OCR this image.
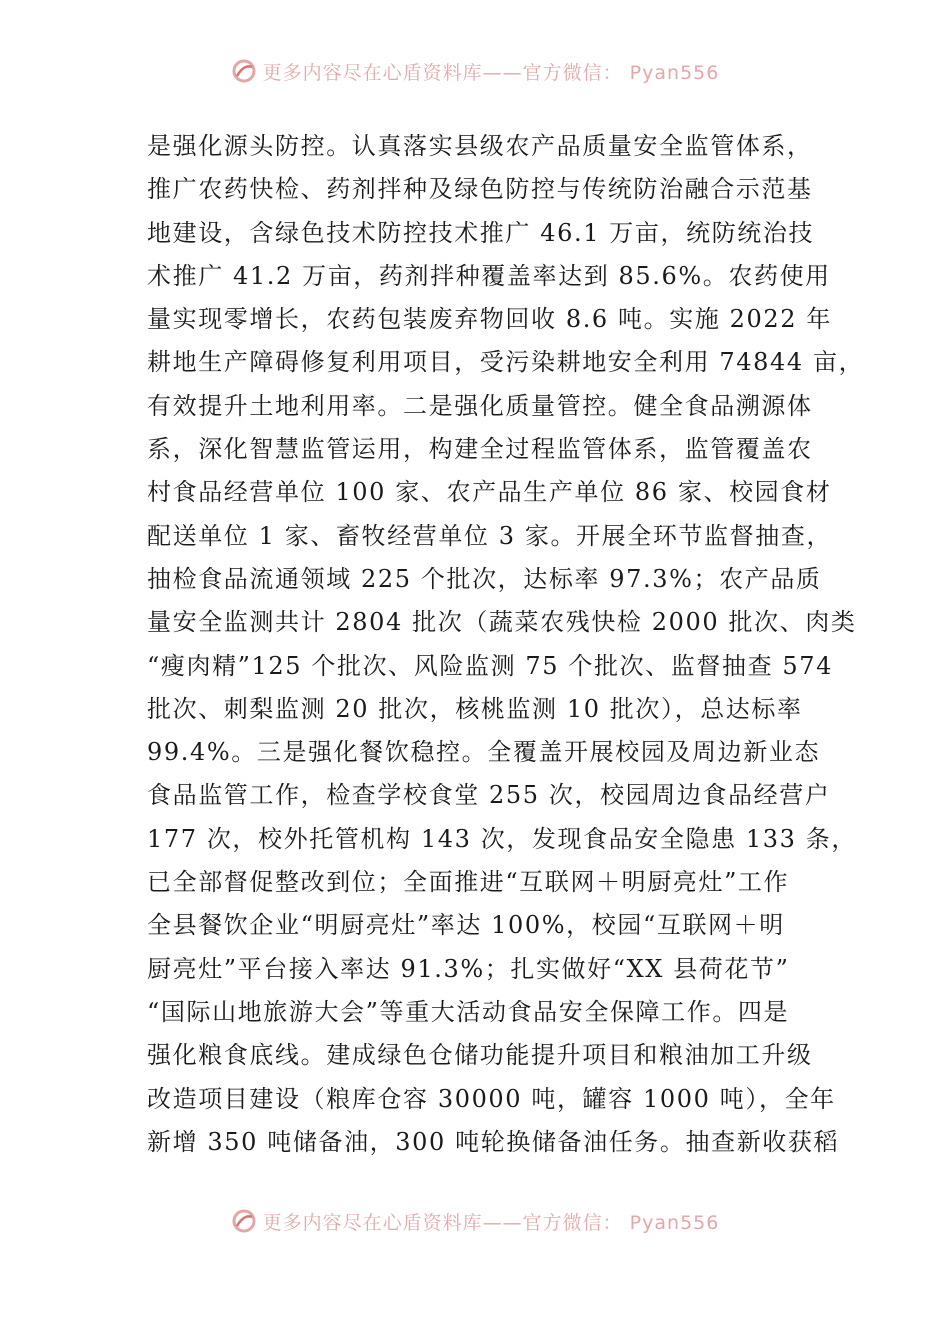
更多内容尽在心盾资料库——官方微信： Pyan556
是强化源头防控。认真落实县级农产品质量安全监管体系，
推广农药快检、药剂拌种及绿色防控与传统防治融合示范基
地建设，含绿色技术防控技术推广 46.1 万亩，统防统治技
术推广 41.2 万亩，药剂拌种覆盖率达到 85.6%。农药使用
量实现零增长，农药包装废弃物回收 8.6 吨。实施 2022 年
耕地生产障碍修复利用项目，受污染耕地安全利用 74844 亩，
有效提升土地利用率。二是强化质量管控。健全食品溯源体
系，深化智慧监管运用，构建全过程监管体系，监管覆盖农
村食品经营单位 100 家、农产品生产单位 86 家、校园食材
配送单位 1 家、畜牧经营单位 3 家。开展全环节监督抽查，
抽检食品流通领域 225 个批次，达标率 97.3%；农产品质
量安全监测共计 2804 批次（蔬菜农残快检 2000 批次、肉类
“瘦肉精”125 个批次、风险监测 75 个批次、监督抽查 574
批次、刺梨监测 20 批次，核桃监测 10 批次），总达标率
99.4%。三是强化餐饮稳控。全覆盖开展校园及周边新业态
食品监管工作，检查学校食堂 255 次，校园周边食品经营户
177 次，校外托管机构 143 次，发现食品安全隐患 133 条，
已全部督促整改到位；全面推进“互联网＋明厨亮灶”工作
全县餐饮企业“明厨亮灶”率达 100%，校园“互联网＋明
厨亮灶”平台接入率达 91.3%；扎实做好“XX 县荷花节”
“国际山地旅游大会”等重大活动食品安全保障工作。四是
强化粮食底线。建成绿色仓储功能提升项目和粮油加工升级
改造项目建设（粮库仓容 30000 吨，罐容 1000 吨），全年
新增 350 吨储备油，300 吨轮换储备油任务。抽查新收获稻
更多内容尽在心盾资料库——官方微信： Pyan556
